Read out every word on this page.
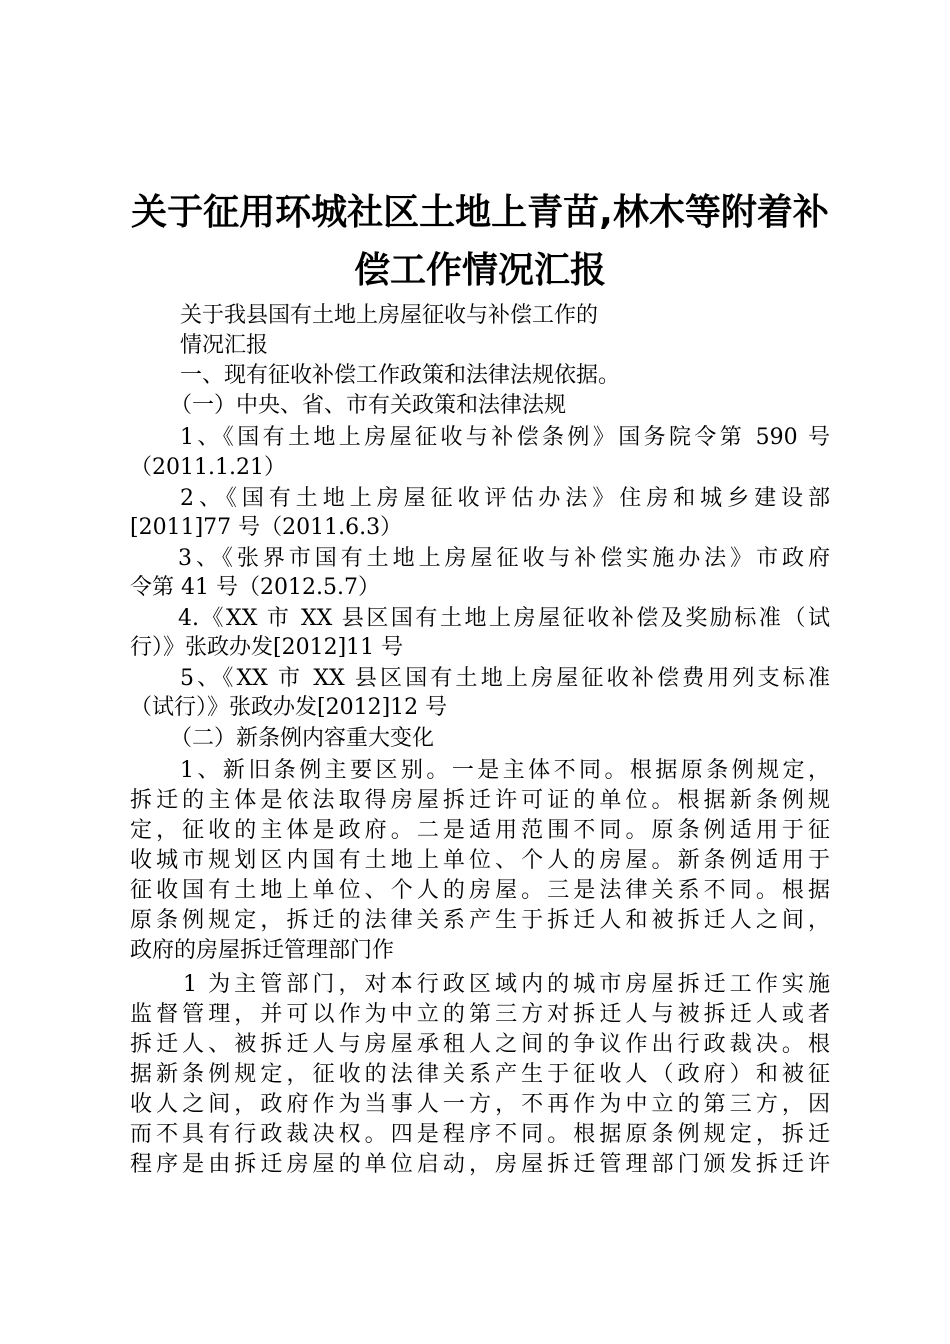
关于征用环城社区土地上青苗,林木等附着补
偿工作情况汇报
关于我县国有土地上房屋征收与补偿工作的
情况汇报
一、现有征收补偿工作政策和法律法规依据。
（一）中央、省、市有关政策和法律法规
1、《国有土地上房屋征收与补偿条例》国务院令第 590 号
（2011.1.21）
2、《国有土地上房屋征收评估办法》住房和城乡建设部
[2011]77 号（2011.6.3）
3、《张界市国有土地上房屋征收与补偿实施办法》市政府
令第 41 号（2012.5.7）
4.《XX 市 XX 县区国有土地上房屋征收补偿及奖励标准（试
行）》张政办发[2012]11 号
5、《XX 市 XX 县区国有土地上房屋征收补偿费用列支标准
（试行）》张政办发[2012]12 号
（二）新条例内容重大变化
1、新旧条例主要区别。一是主体不同。根据原条例规定，
拆迁的主体是依法取得房屋拆迁许可证的单位。根据新条例规
定，征收的主体是政府。二是适用范围不同。原条例适用于征
收城市规划区内国有土地上单位、个人的房屋。新条例适用于
征收国有土地上单位、个人的房屋。三是法律关系不同。根据
原条例规定，拆迁的法律关系产生于拆迁人和被拆迁人之间，
政府的房屋拆迁管理部门作
1 为主管部门，对本行政区域内的城市房屋拆迁工作实施
监督管理，并可以作为中立的第三方对拆迁人与被拆迁人或者
拆迁人、被拆迁人与房屋承租人之间的争议作出行政裁决。根
据新条例规定，征收的法律关系产生于征收人（政府）和被征
收人之间，政府作为当事人一方，不再作为中立的第三方，因
而不具有行政裁决权。四是程序不同。根据原条例规定，拆迁
程序是由拆迁房屋的单位启动，房屋拆迁管理部门颁发拆迁许
